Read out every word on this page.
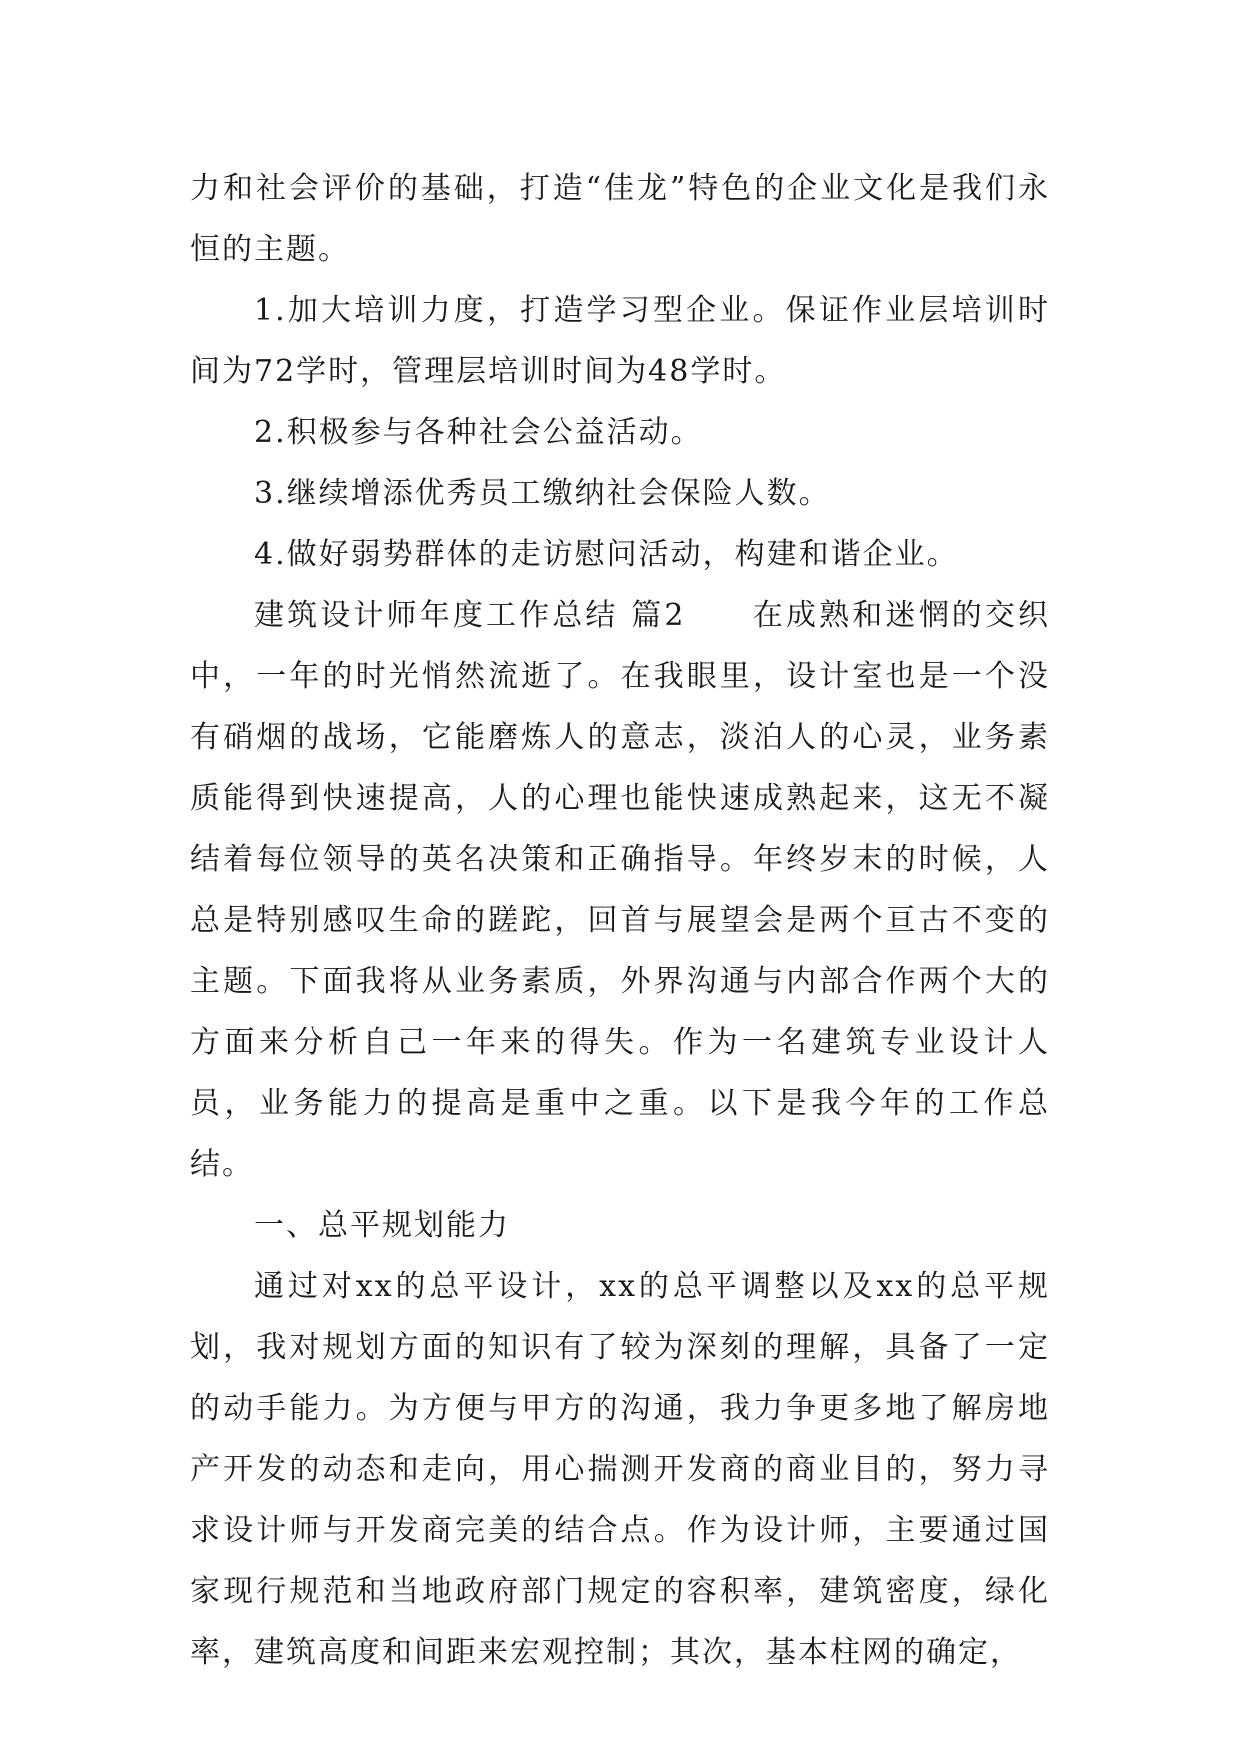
力和社会评价的基础，打造“佳龙”特色的企业文化是我们永恒的主题。

1.加大培训力度，打造学习型企业。保证作业层培训时间为72学时，管理层培训时间为48学时。

2.积极参与各种社会公益活动。

3.继续增添优秀员工缴纳社会保险人数。

4.做好弱势群体的走访慰问活动，构建和谐企业。

建筑设计师年度工作总结 篇2　　在成熟和迷惘的交织中，一年的时光悄然流逝了。在我眼里，设计室也是一个没有硝烟的战场，它能磨炼人的意志，淡泊人的心灵，业务素质能得到快速提高，人的心理也能快速成熟起来，这无不凝结着每位领导的英名决策和正确指导。年终岁末的时候，人总是特别感叹生命的蹉跎，回首与展望会是两个亘古不变的主题。下面我将从业务素质，外界沟通与内部合作两个大的方面来分析自己一年来的得失。作为一名建筑专业设计人员，业务能力的提高是重中之重。以下是我今年的工作总结。

一、总平规划能力

通过对xx的总平设计，xx的总平调整以及xx的总平规划，我对规划方面的知识有了较为深刻的理解，具备了一定的动手能力。为方便与甲方的沟通，我力争更多地了解房地产开发的动态和走向，用心揣测开发商的商业目的，努力寻求设计师与开发商完美的结合点。作为设计师，主要通过国家现行规范和当地政府部门规定的容积率，建筑密度，绿化率，建筑高度和间距来宏观控制；其次，基本柱网的确定，
